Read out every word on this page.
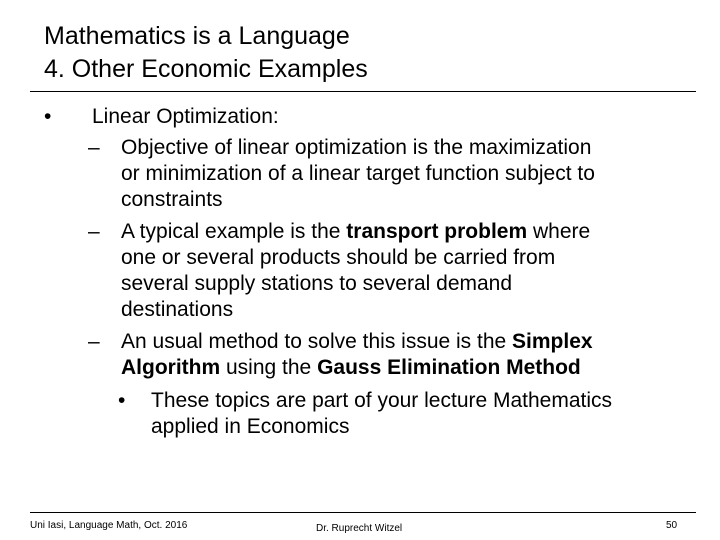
Mathematics is a Language
4. Other Economic Examples
• Linear Optimization:
– Objective of linear optimization is the maximization
or minimization of a linear target function subject to
constraints
– A typical example is the transport problem where
one or several products should be carried from
several supply stations to several demand
destinations
– An usual method to solve this issue is the Simplex
Algorithm using the Gauss Elimination Method
• These topics are part of your lecture Mathematics
applied in Economics
Uni Iasi, Language Math, Oct. 2016	Dr. Ruprecht Witzel	50
